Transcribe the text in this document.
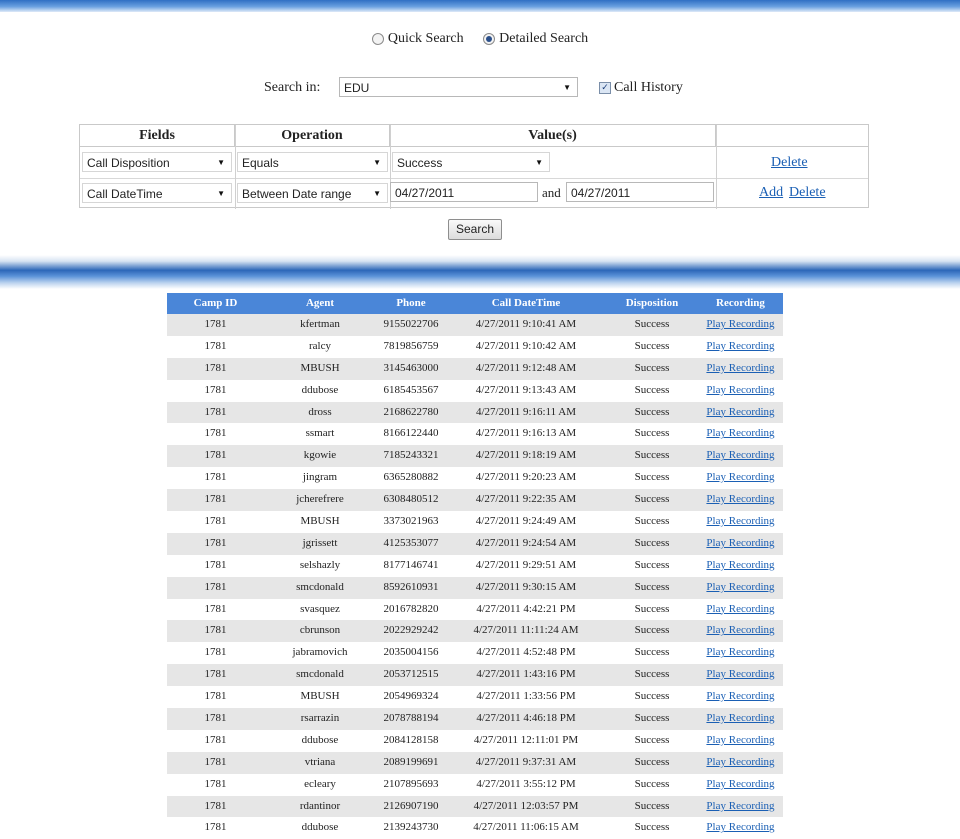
Quick Search
	Detailed Search
Search in:	EDU	▼	✓ Call History
Fields	Operation	Value(s)
Call Disposition	▼	Equals	▼	Success	▼	Delete
Call DateTime	▼	Between Date range	▼	04/27/2011	and 04/27/2011	Add Delete
Search
Camp ID	Agent	Phone	Call DateTime	Disposition	Recording
1781	kfertman	9155022706	4/27/2011 9:10:41 AM	Success	Play Recording
1781	ralcy	7819856759	4/27/2011 9:10:42 AM	Success	Play Recording
1781	MBUSH	3145463000	4/27/2011 9:12:48 AM	Success	Play Recording
1781	ddubose	6185453567	4/27/2011 9:13:43 AM	Success	Play Recording
1781	dross	2168622780	4/27/2011 9:16:11 AM	Success	Play Recording
1781	ssmart	8166122440	4/27/2011 9:16:13 AM	Success	Play Recording
1781	kgowie	7185243321	4/27/2011 9:18:19 AM	Success	Play Recording
1781	jingram	6365280882	4/27/2011 9:20:23 AM	Success	Play Recording
1781	jcherefrere	6308480512	4/27/2011 9:22:35 AM	Success	Play Recording
1781	MBUSH	3373021963	4/27/2011 9:24:49 AM	Success	Play Recording
1781	jgrissett	4125353077	4/27/2011 9:24:54 AM	Success	Play Recording
1781	selshazly	8177146741	4/27/2011 9:29:51 AM	Success	Play Recording
1781	smcdonald	8592610931	4/27/2011 9:30:15 AM	Success	Play Recording
1781	svasquez	2016782820	4/27/2011 4:42:21 PM	Success	Play Recording
1781	cbrunson	2022929242	4/27/2011 11:11:24 AM	Success	Play Recording
1781	jabramovich	2035004156	4/27/2011 4:52:48 PM	Success	Play Recording
1781	smcdonald	2053712515	4/27/2011 1:43:16 PM	Success	Play Recording
1781	MBUSH	2054969324	4/27/2011 1:33:56 PM	Success	Play Recording
1781	rsarrazin	2078788194	4/27/2011 4:46:18 PM	Success	Play Recording
1781	ddubose	2084128158	4/27/2011 12:11:01 PM	Success	Play Recording
1781	vtriana	2089199691	4/27/2011 9:37:31 AM	Success	Play Recording
1781	ecleary	2107895693	4/27/2011 3:55:12 PM	Success	Play Recording
1781	rdantinor	2126907190	4/27/2011 12:03:57 PM	Success	Play Recording
1781	ddubose	2139243730	4/27/2011 11:06:15 AM	Success	Play Recording
